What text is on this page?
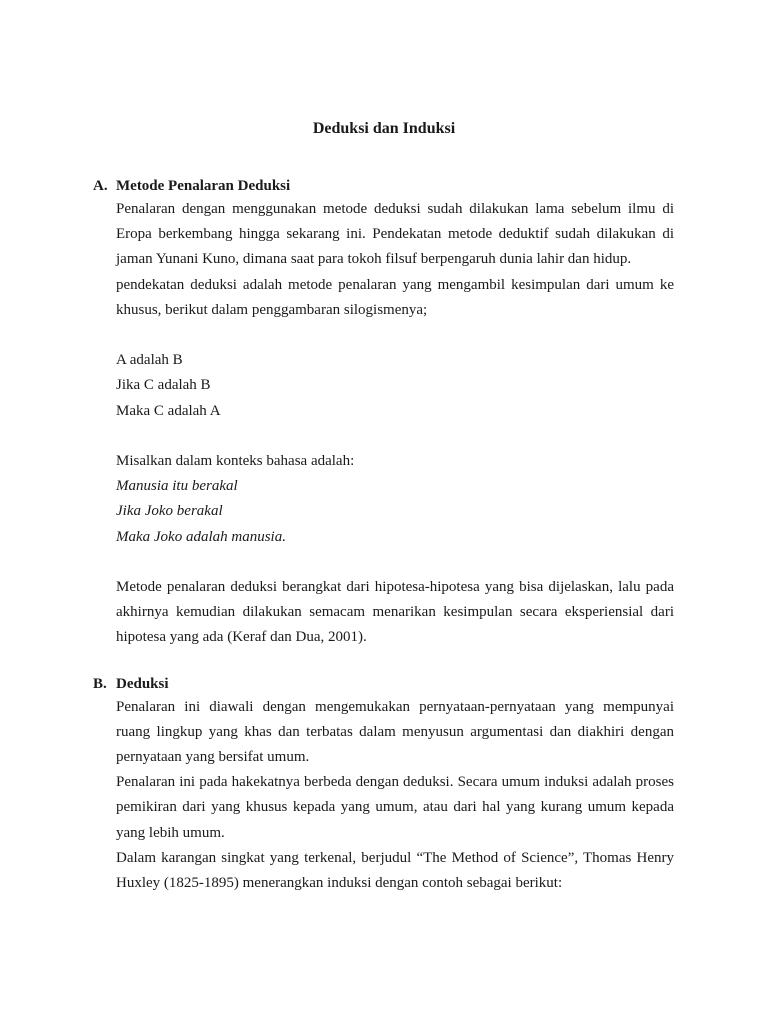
Deduksi dan Induksi
A. Metode Penalaran Deduksi

Penalaran dengan menggunakan metode deduksi sudah dilakukan lama sebelum ilmu di Eropa berkembang hingga sekarang ini. Pendekatan metode deduktif sudah dilakukan di jaman Yunani Kuno, dimana saat para tokoh filsuf berpengaruh dunia lahir dan hidup.

pendekatan deduksi adalah metode penalaran yang mengambil kesimpulan dari umum ke khusus, berikut dalam penggambaran silogismenya;

A adalah B
Jika C adalah B
Maka C adalah A
Misalkan dalam konteks bahasa adalah:
Manusia itu berakal
Jika Joko berakal
Maka Joko adalah manusia.

Metode penalaran deduksi berangkat dari hipotesa-hipotesa yang bisa dijelaskan, lalu pada akhirnya kemudian dilakukan semacam menarikan kesimpulan secara eksperiensial dari hipotesa yang ada (Keraf dan Dua, 2001).

B. Deduksi

Penalaran ini diawali dengan mengemukakan pernyataan-pernyataan yang mempunyai ruang lingkup yang khas dan terbatas dalam menyusun argumentasi dan diakhiri dengan pernyataan yang bersifat umum.

Penalaran ini pada hakekatnya berbeda dengan deduksi. Secara umum induksi adalah proses pemikiran dari yang khusus kepada yang umum, atau dari hal yang kurang umum kepada yang lebih umum.

Dalam karangan singkat yang terkenal, berjudul “The Method of Science”, Thomas Henry Huxley (1825-1895) menerangkan induksi dengan contoh sebagai berikut:
